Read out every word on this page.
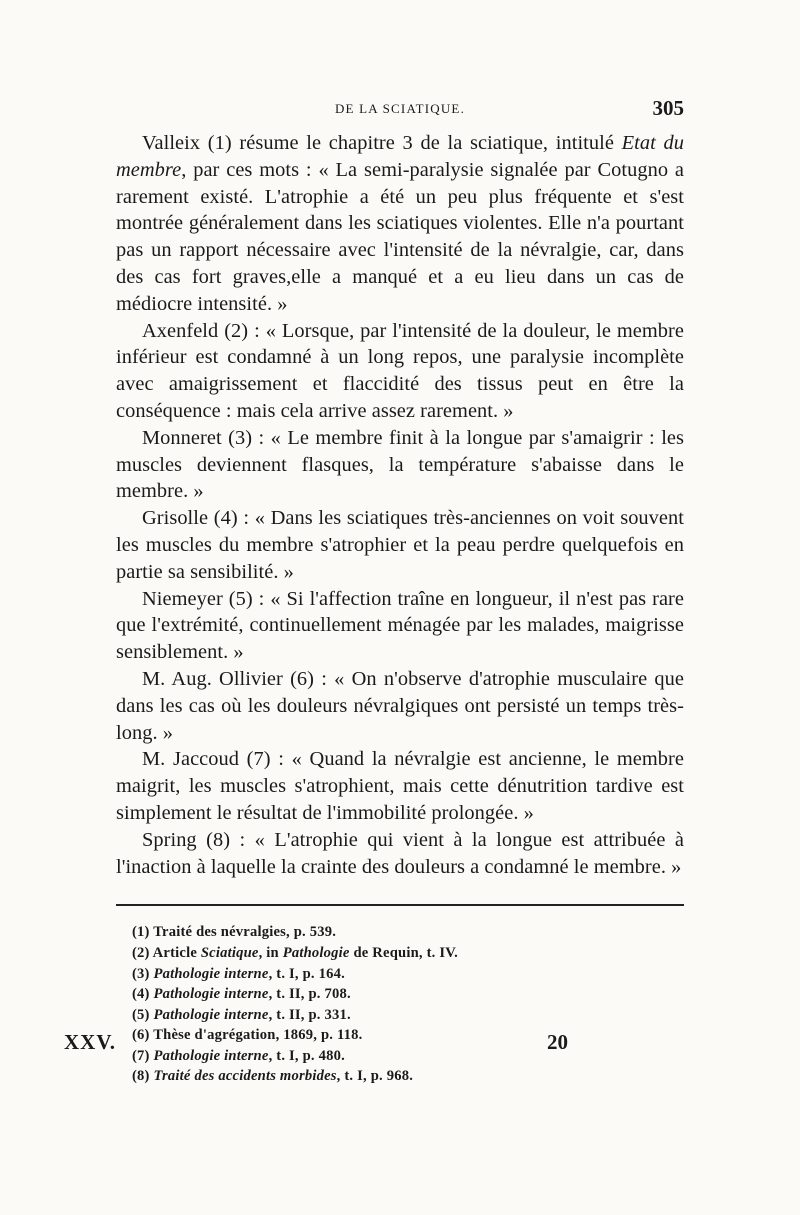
DE LA SCIATIQUE.	305

Valleix (1) résume le chapitre 3 de la sciatique, intitulé Etat du membre, par ces mots : « La semi-paralysie signalée par Cotugno a rarement existé. L'atrophie a été un peu plus fréquente et s'est montrée généralement dans les sciatiques violentes. Elle n'a pourtant pas un rapport nécessaire avec l'intensité de la névralgie, car, dans des cas fort graves,elle a manqué et a eu lieu dans un cas de médiocre intensité. »

Axenfeld (2) : « Lorsque, par l'intensité de la douleur, le membre inférieur est condamné à un long repos, une paralysie incomplète avec amaigrissement et flaccidité des tissus peut en être la conséquence : mais cela arrive assez rarement. »

Monneret (3) : « Le membre finit à la longue par s'amaigrir : les muscles deviennent flasques, la température s'abaisse dans le membre. »

Grisolle (4) : « Dans les sciatiques très-anciennes on voit souvent les muscles du membre s'atrophier et la peau perdre quelquefois en partie sa sensibilité. »

Niemeyer (5) : « Si l'affection traîne en longueur, il n'est pas rare que l'extrémité, continuellement ménagée par les malades, maigrisse sensiblement. »

M. Aug. Ollivier (6) : « On n'observe d'atrophie musculaire que dans les cas où les douleurs névralgiques ont persisté un temps très-long. »

M. Jaccoud (7) : « Quand la névralgie est ancienne, le membre maigrit, les muscles s'atrophient, mais cette dénutrition tardive est simplement le résultat de l'immobilité prolongée. »

Spring (8) : « L'atrophie qui vient à la longue est attribuée à l'inaction à laquelle la crainte des douleurs a condamné le membre. »

(1) Traité des névralgies, p. 539.
(2) Article Sciatique, in Pathologie de Requin, t. IV.
(3) Pathologie interne, t. I, p. 164.
(4) Pathologie interne, t. II, p. 708.
(5) Pathologie interne, t. II, p. 331.
(6) Thèse d'agrégation, 1869, p. 118.
(7) Pathologie interne, t. I, p. 480.
(8) Traité des accidents morbides, t. I, p. 968.
XXV.	20
